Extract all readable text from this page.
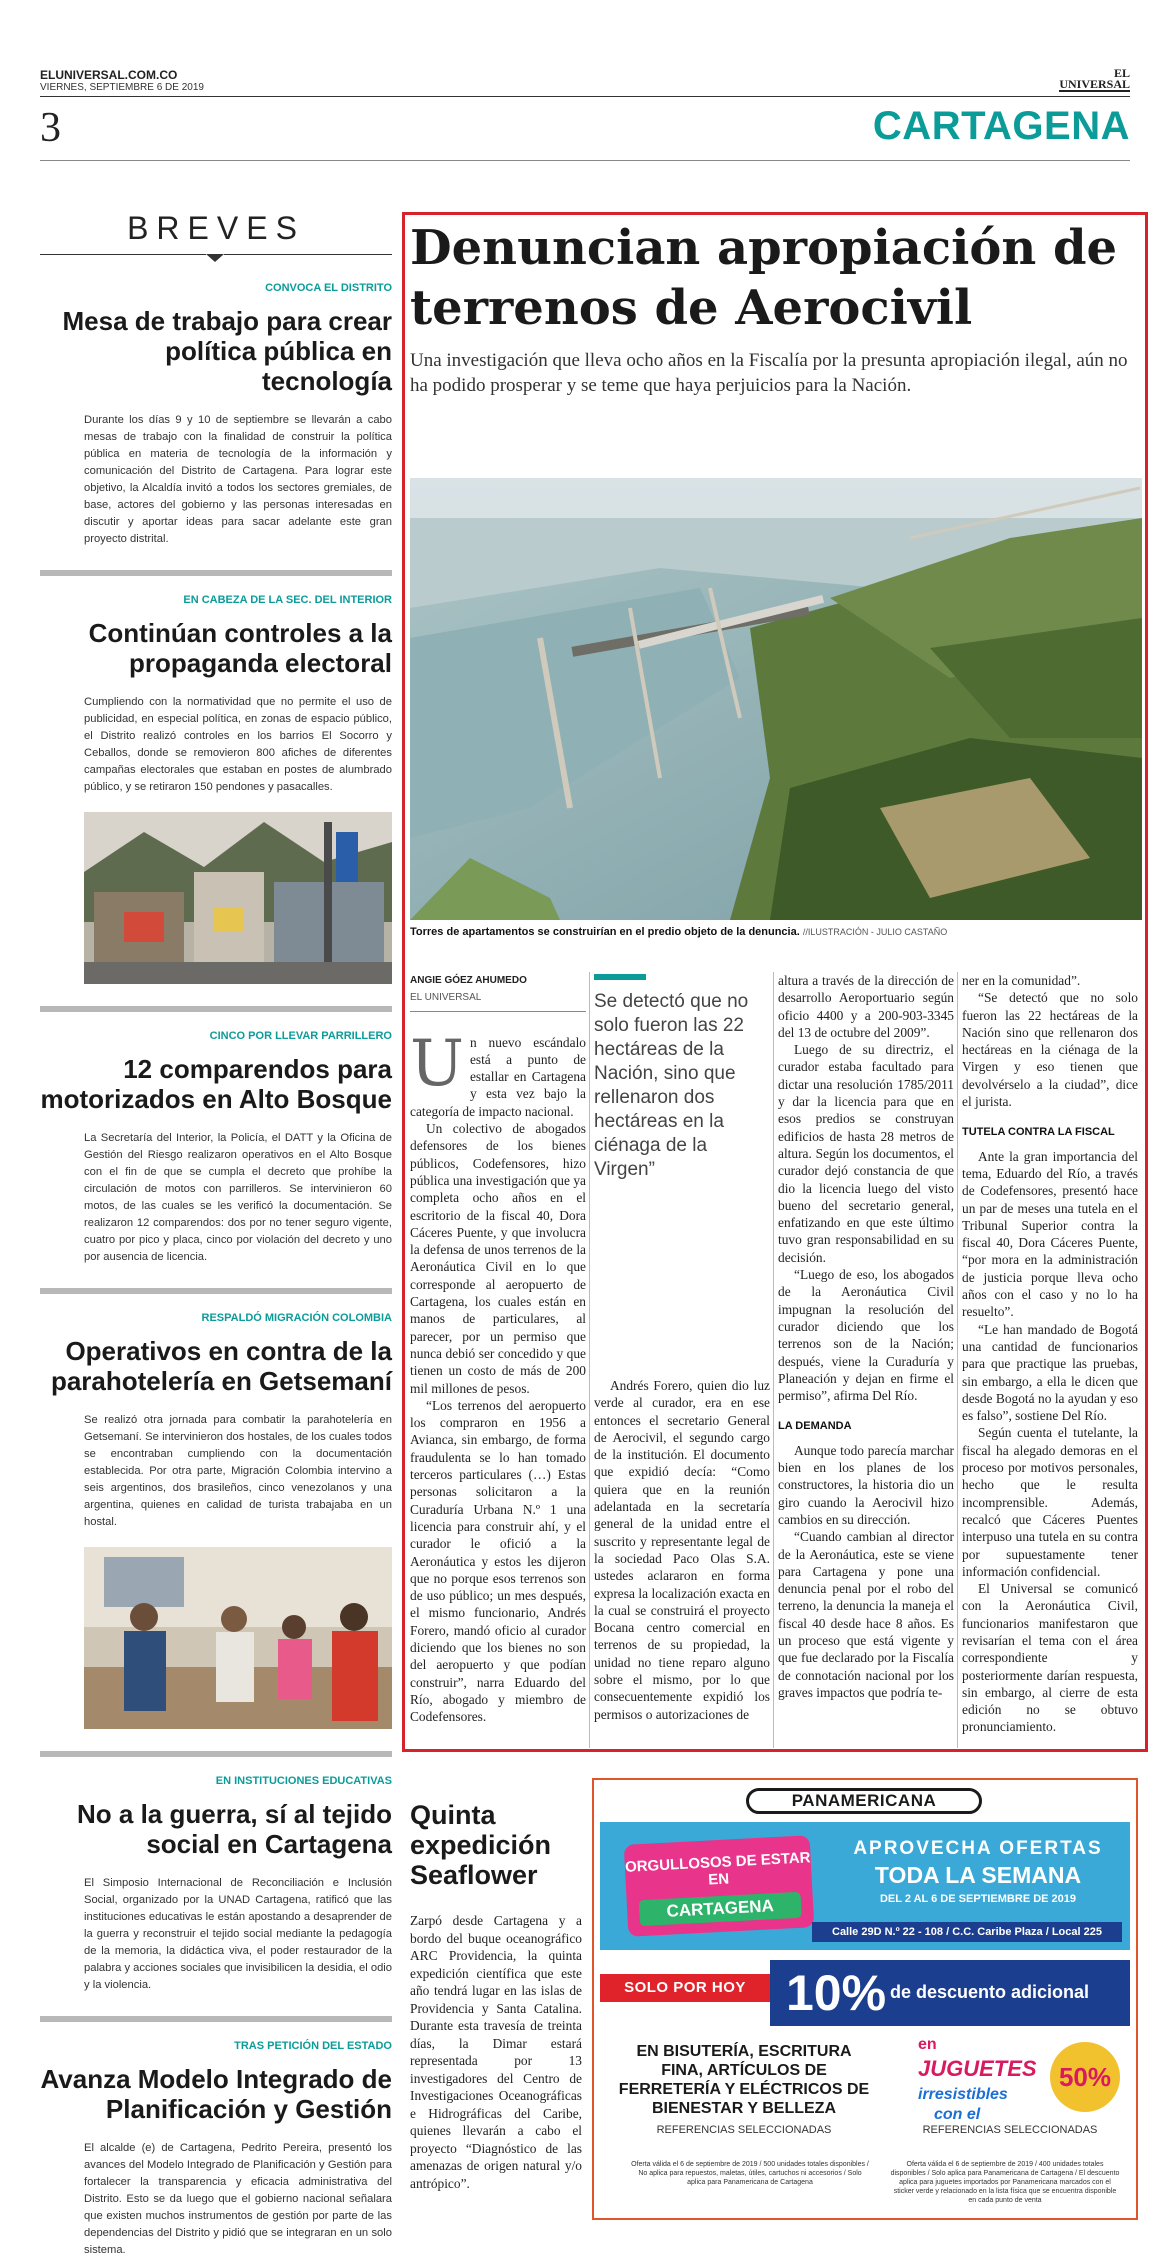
ELUNIVERSAL.COM.CO
VIERNES, SEPTIEMBRE 6 DE 2019
EL
UNIVERSAL
3	CARTAGENA
BREVES
CONVOCA EL DISTRITO
Mesa de trabajo para crear política pública en tecnología
Durante los días 9 y 10 de septiembre se llevarán a cabo mesas de trabajo con la finalidad de construir la política pública en materia de tecnología de la información y comunicación del Distrito de Cartagena. Para lograr este objetivo, la Alcaldía invitó a todos los sectores gremiales, de base, actores del gobierno y las personas interesadas en discutir y aportar ideas para sacar adelante este gran proyecto distrital.
EN CABEZA DE LA SEC. DEL INTERIOR
Continúan controles a la propaganda electoral
Cumpliendo con la normatividad que no permite el uso de publicidad, en especial política, en zonas de espacio público, el Distrito realizó controles en los barrios El Socorro y Ceballos, donde se removieron 800 afiches de diferentes campañas electorales que estaban en postes de alumbrado público, y se retiraron 150 pendones y pasacalles.
CINCO POR LLEVAR PARRILLERO
12 comparendos para motorizados en Alto Bosque
La Secretaría del Interior, la Policía, el DATT y la Oficina de Gestión del Riesgo realizaron operativos en el Alto Bosque con el fin de que se cumpla el decreto que prohíbe la circulación de motos con parrilleros. Se intervinieron 60 motos, de las cuales se les verificó la documentación. Se realizaron 12 comparendos: dos por no tener seguro vigente, cuatro por pico y placa, cinco por violación del decreto y uno por ausencia de licencia.
RESPALDÓ MIGRACIÓN COLOMBIA
Operativos en contra de la parahotelería en Getsemaní
Se realizó otra jornada para combatir la parahotelería en Getsemaní. Se intervinieron dos hostales, de los cuales todos se encontraban cumpliendo con la documentación establecida. Por otra parte, Migración Colombia intervino a seis argentinos, dos brasileños, cinco venezolanos y una argentina, quienes en calidad de turista trabajaba en un hostal.
EN INSTITUCIONES EDUCATIVAS
No a la guerra, sí al tejido social en Cartagena
El Simposio Internacional de Reconciliación e Inclusión Social, organizado por la UNAD Cartagena, ratificó que las instituciones educativas le están apostando a desaprender de la guerra y reconstruir el tejido social mediante la pedagogía de la memoria, la didáctica viva, el poder restaurador de la palabra y acciones sociales que invisibilicen la desidia, el odio y la violencia.
TRAS PETICIÓN DEL ESTADO
Avanza Modelo Integrado de Planificación y Gestión
El alcalde (e) de Cartagena, Pedrito Pereira, presentó los avances del Modelo Integrado de Planificación y Gestión para fortalecer la transparencia y eficacia administrativa del Distrito. Esto se da luego que el gobierno nacional señalara que existen muchos instrumentos de gestión por parte de las dependencias del Distrito y pidió que se integraran en un solo sistema.
Denuncian apropiación de terrenos de Aerocivil
Una investigación que lleva ocho años en la Fiscalía por la presunta apropiación ilegal, aún no ha podido prosperar y se teme que haya perjuicios para la Nación.
Torres de apartamentos se construirían en el predio objeto de la denuncia. //ILUSTRACIÓN - JULIO CASTAÑO
ANGIE GÓEZ AHUMEDO
EL UNIVERSAL

Un nuevo escándalo está a punto de estallar en Cartagena y esta vez bajo la categoría de impacto nacional.

Un colectivo de abogados defensores de los bienes públicos, Codefensores, hizo pública una investigación que ya completa ocho años en el escritorio de la fiscal 40, Dora Cáceres Puente, y que involucra la defensa de unos terrenos de la Aeronáutica Civil en lo que corresponde al aeropuerto de Cartagena, los cuales están en manos de particulares, al parecer, por un permiso que nunca debió ser concedido y que tienen un costo de más de 200 mil millones de pesos.

“Los terrenos del aeropuerto los compraron en 1956 a Avianca, sin embargo, de forma fraudulenta se lo han tomado terceros particulares (…) Estas personas solicitaron a la Curaduría Urbana N.º 1 una licencia para construir ahí, y el curador le ofició a la Aeronáutica y estos les dijeron que no porque esos terrenos son de uso público; un mes después, el mismo funcionario, Andrés Forero, mandó oficio al curador diciendo que los bienes no son del aeropuerto y que podían construir”, narra Eduardo del Río, abogado y miembro de Codefensores.

Se detectó que no solo fueron las 22 hectáreas de la Nación, sino que rellenaron dos hectáreas en la ciénaga de la Virgen”

Andrés Forero, quien dio luz verde al curador, era en ese entonces el secretario General de Aerocivil, el segundo cargo de la institución. El documento que expidió decía: “Como quiera que en la reunión adelantada en la secretaría general de la unidad entre el suscrito y representante legal de la sociedad Paco Olas S.A. ustedes aclararon en forma expresa la localización exacta en la cual se construirá el proyecto Bocana centro comercial en terrenos de su propiedad, la unidad no tiene reparo alguno sobre el mismo, por lo que consecuentemente expidió los permisos o autorizaciones de

altura a través de la dirección de desarrollo Aeroportuario según oficio 4400 y a 200-903-3345 del 13 de octubre del 2009”.

Luego de su directriz, el curador estaba facultado para dictar una resolución 1785/2011 y dar la licencia para que en esos predios se construyan edificios de hasta 28 metros de altura. Según los documentos, el curador dejó constancia de que dio la licencia luego del visto bueno del secretario general, enfatizando en que este último tuvo gran responsabilidad en su decisión.

“Luego de eso, los abogados de la Aeronáutica Civil impugnan la resolución del curador diciendo que los terrenos son de la Nación; después, viene la Curaduría y Planeación y dejan en firme el permiso”, afirma Del Río.

LA DEMANDA

Aunque todo parecía marchar bien en los planes de los constructores, la historia dio un giro cuando la Aerocivil hizo cambios en su dirección.

“Cuando cambian al director de la Aeronáutica, este se viene para Cartagena y pone una denuncia penal por el robo del terreno, la denuncia la maneja el fiscal 40 desde hace 8 años. Es un proceso que está vigente y que fue declarado por la Fiscalía de connotación nacional por los graves impactos que podría te-

ner en la comunidad”.

“Se detectó que no solo fueron las 22 hectáreas de la Nación sino que rellenaron dos hectáreas en la ciénaga de la Virgen y eso tienen que devolvérselo a la ciudad”, dice el jurista.

TUTELA CONTRA LA FISCAL

Ante la gran importancia del tema, Eduardo del Río, a través de Codefensores, presentó hace un par de meses una tutela en el Tribunal Superior contra la fiscal 40, Dora Cáceres Puente, “por mora en la administración de justicia porque lleva ocho años con el caso y no lo ha resuelto”.

“Le han mandado de Bogotá una cantidad de funcionarios para que practique las pruebas, sin embargo, a ella le dicen que desde Bogotá no la ayudan y eso es falso”, sostiene Del Río.

Según cuenta el tutelante, la fiscal ha alegado demoras en el proceso por motivos personales, hecho que le resulta incomprensible. Además, recalcó que Cáceres Puentes interpuso una tutela en su contra por supuestamente tener información confidencial.

El Universal se comunicó con la Aeronáutica Civil, funcionarios manifestaron que revisarían el tema con el área correspondiente y posteriormente darían respuesta, sin embargo, al cierre de esta edición no se obtuvo pronunciamiento.

Quinta expedición Seaflower
Zarpó desde Cartagena y a bordo del buque oceanográfico ARC Providencia, la quinta expedición científica que este año tendrá lugar en las islas de Providencia y Santa Catalina. Durante esta travesía de treinta días, la Dimar estará representada por 13 investigadores del Centro de Investigaciones Oceanográficas e Hidrográficas del Caribe, quienes llevarán a cabo el proyecto “Diagnóstico de las amenazas de origen natural y/o antrópico”.
PANAMERICANA
ORGULLOSOS DE ESTAR EN
CARTAGENA
APROVECHA OFERTAS
TODA LA SEMANA
DEL 2 AL 6 DE SEPTIEMBRE DE 2019
Calle 29D N.º 22 - 108 / C.C. Caribe Plaza / Local 225
SOLO POR HOY 10% de descuento adicional
EN BISUTERÍA, ESCRITURA FINA, ARTÍCULOS DE FERRETERÍA Y ELÉCTRICOS DE BIENESTAR Y BELLEZA
REFERENCIAS SELECCIONADAS
en
JUGUETES
irresistibles
con el
50%
REFERENCIAS SELECCIONADAS
Oferta válida el 6 de septiembre de 2019 / 500 unidades totales disponibles / No aplica para repuestos, maletas, útiles, cartuchos ni accesorios / Solo aplica para Panamericana de Cartagena
Oferta válida el 6 de septiembre de 2019 / 400 unidades totales disponibles / Solo aplica para Panamericana de Cartagena / El descuento aplica para juguetes importados por Panamericana marcados con el sticker verde y relacionado en la lista física que se encuentra disponible en cada punto de venta
